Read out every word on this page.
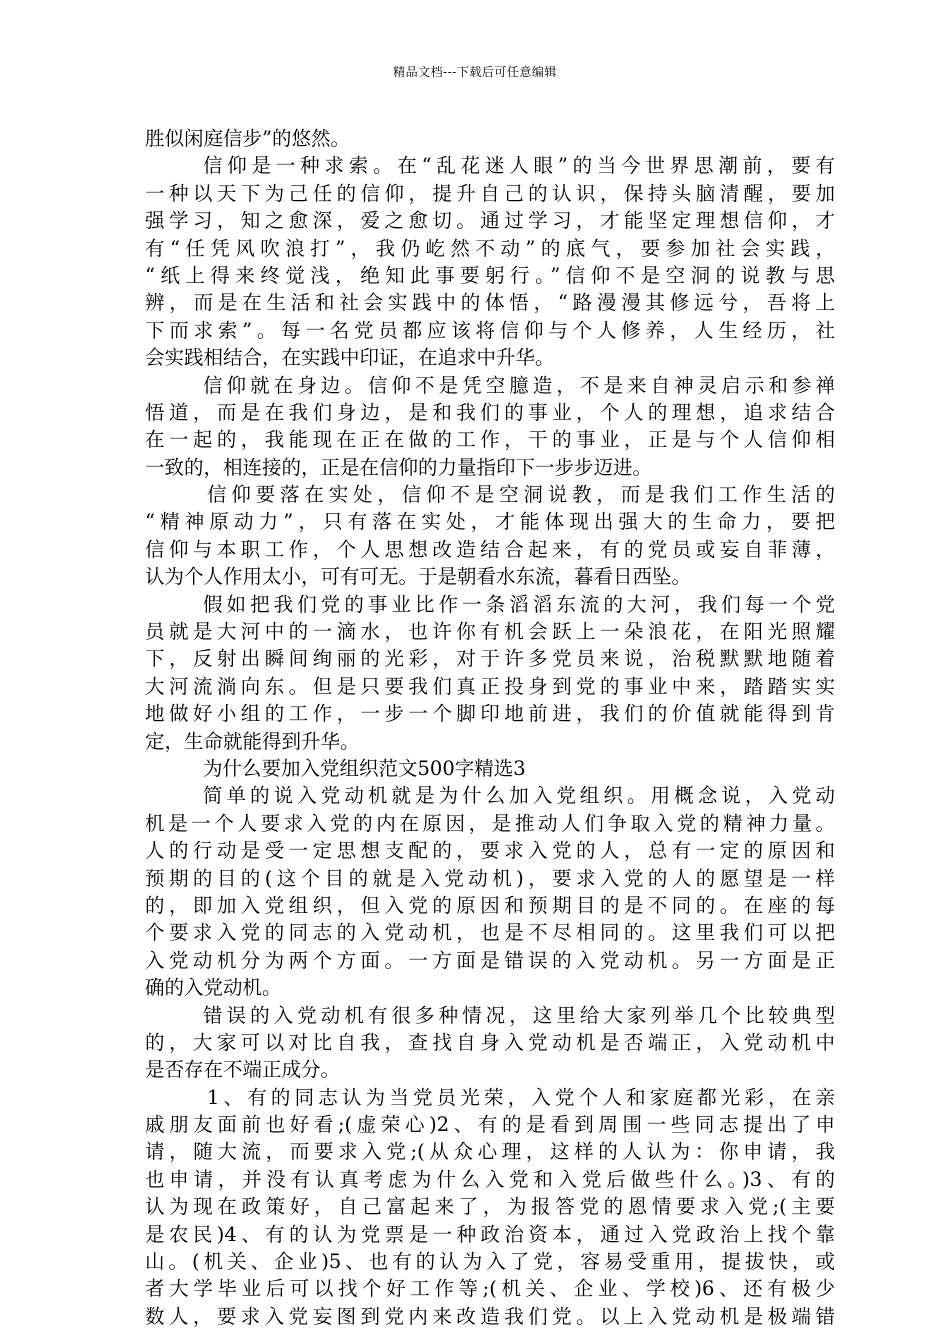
精品文档---下载后可任意编辑
胜似闲庭信步”的悠然。
信仰是一种求索。在“乱花迷人眼”的当今世界思潮前，要有
一种以天下为己任的信仰，提升自己的认识，保持头脑清醒，要加
强学习，知之愈深，爱之愈切。通过学习，才能坚定理想信仰，才
有“任凭风吹浪打”，我仍屹然不动”的底气，要参加社会实践，
“纸上得来终觉浅，绝知此事要躬行。”信仰不是空洞的说教与思
辨，而是在生活和社会实践中的体悟，“路漫漫其修远兮，吾将上
下而求索”。每一名党员都应该将信仰与个人修养，人生经历，社
会实践相结合，在实践中印证，在追求中升华。
信仰就在身边。信仰不是凭空臆造，不是来自神灵启示和参禅
悟道，而是在我们身边，是和我们的事业，个人的理想，追求结合
在一起的，我能现在正在做的工作，干的事业，正是与个人信仰相
一致的，相连接的，正是在信仰的力量指印下一步步迈进。
信仰要落在实处，信仰不是空洞说教，而是我们工作生活的
“精神原动力”，只有落在实处，才能体现出强大的生命力，要把
信仰与本职工作，个人思想改造结合起来，有的党员或妄自菲薄，
认为个人作用太小，可有可无。于是朝看水东流，暮看日西坠。
假如把我们党的事业比作一条滔滔东流的大河，我们每一个党
员就是大河中的一滴水，也许你有机会跃上一朵浪花，在阳光照耀
下，反射出瞬间绚丽的光彩，对于许多党员来说，治税默默地随着
大河流淌向东。但是只要我们真正投身到党的事业中来，踏踏实实
地做好小组的工作，一步一个脚印地前进，我们的价值就能得到肯
定，生命就能得到升华。
为什么要加入党组织范文500字精选3
简单的说入党动机就是为什么加入党组织。用概念说，入党动
机是一个人要求入党的内在原因，是推动人们争取入党的精神力量。
人的行动是受一定思想支配的，要求入党的人，总有一定的原因和
预期的目的(这个目的就是入党动机)，要求入党的人的愿望是一样
的，即加入党组织，但入党的原因和预期目的是不同的。在座的每
个要求入党的同志的入党动机，也是不尽相同的。这里我们可以把
入党动机分为两个方面。一方面是错误的入党动机。另一方面是正
确的入党动机。
错误的入党动机有很多种情况，这里给大家列举几个比较典型
的，大家可以对比自我，查找自身入党动机是否端正，入党动机中
是否存在不端正成分。
1、有的同志认为当党员光荣，入党个人和家庭都光彩，在亲
戚朋友面前也好看;(虚荣心)2、有的是看到周围一些同志提出了申
请，随大流，而要求入党;(从众心理，这样的人认为：你申请，我
也申请，并没有认真考虑为什么入党和入党后做些什么。)3、有的
认为现在政策好，自己富起来了，为报答党的恩情要求入党;(主要
是农民)4、有的认为党票是一种政治资本，通过入党政治上找个靠
山。(机关、企业)5、也有的认为入了党，容易受重用，提拔快，或
者大学毕业后可以找个好工作等;(机关、企业、学校)6、还有极少
数人，要求入党妄图到党内来改造我们党。以上入党动机是极端错
